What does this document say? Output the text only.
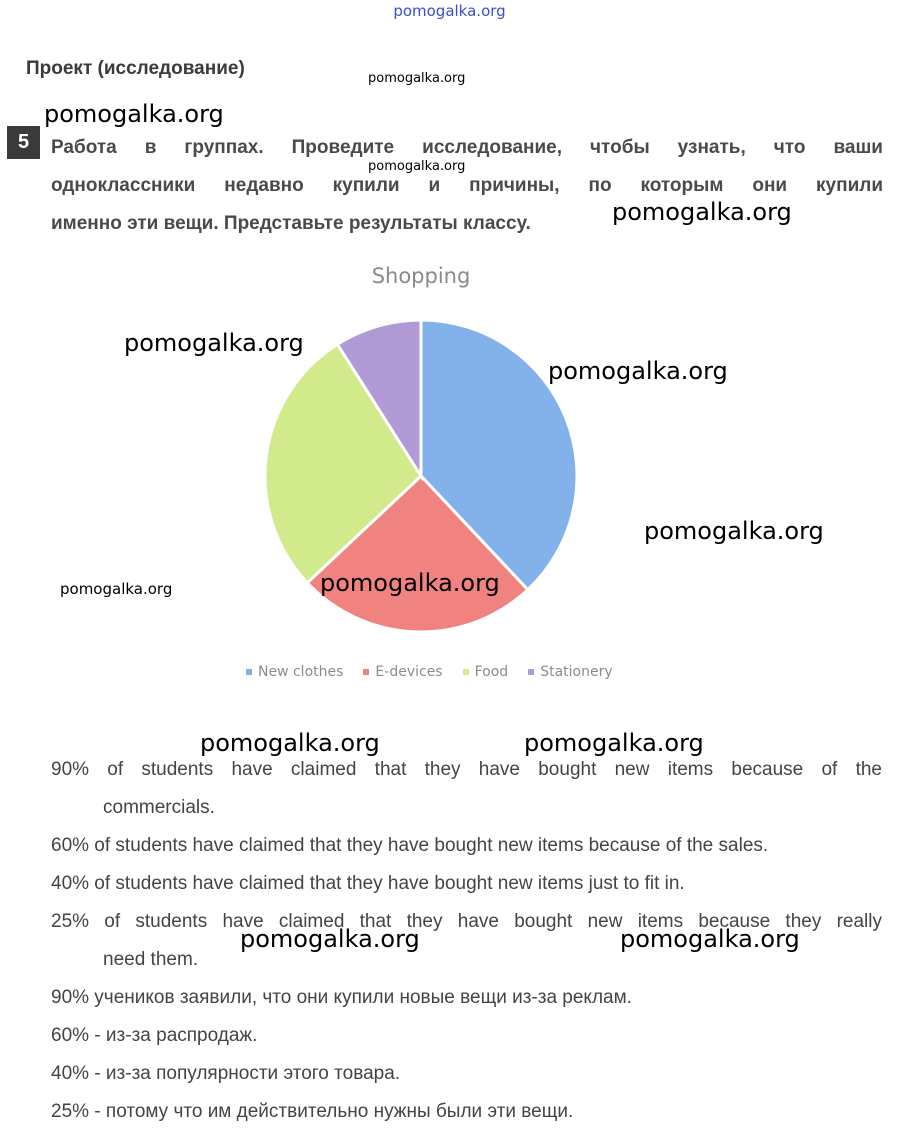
pomogalka.org
Проект (исследование)
5	Работа в группах. Проведите исследование, чтобы узнать, что ваши
одноклассники недавно купили и причины, по которым они купили
именно эти вещи. Представьте результаты классу.
Shopping
New clothes E-devices Food Stationery
pomogalka.org
pomogalka.org
pomogalka.org
pomogalka.org
pomogalka.org
pomogalka.org
pomogalka.org
pomogalka.org	pomogalka.org
pomogalka.org	pomogalka.org
90% of students have claimed that they have bought new items because of the
commercials.
60% of students have claimed that they have bought new items because of the sales.
40% of students have claimed that they have bought new items just to fit in.
25% of students have claimed that they have bought new items because they really
need them.
pomogalka.org	pomogalka.org
90% учеников заявили, что они купили новые вещи из-за реклам.
60% - из-за распродаж.
40% - из-за популярности этого товара.
25% - потому что им действительно нужны были эти вещи.
